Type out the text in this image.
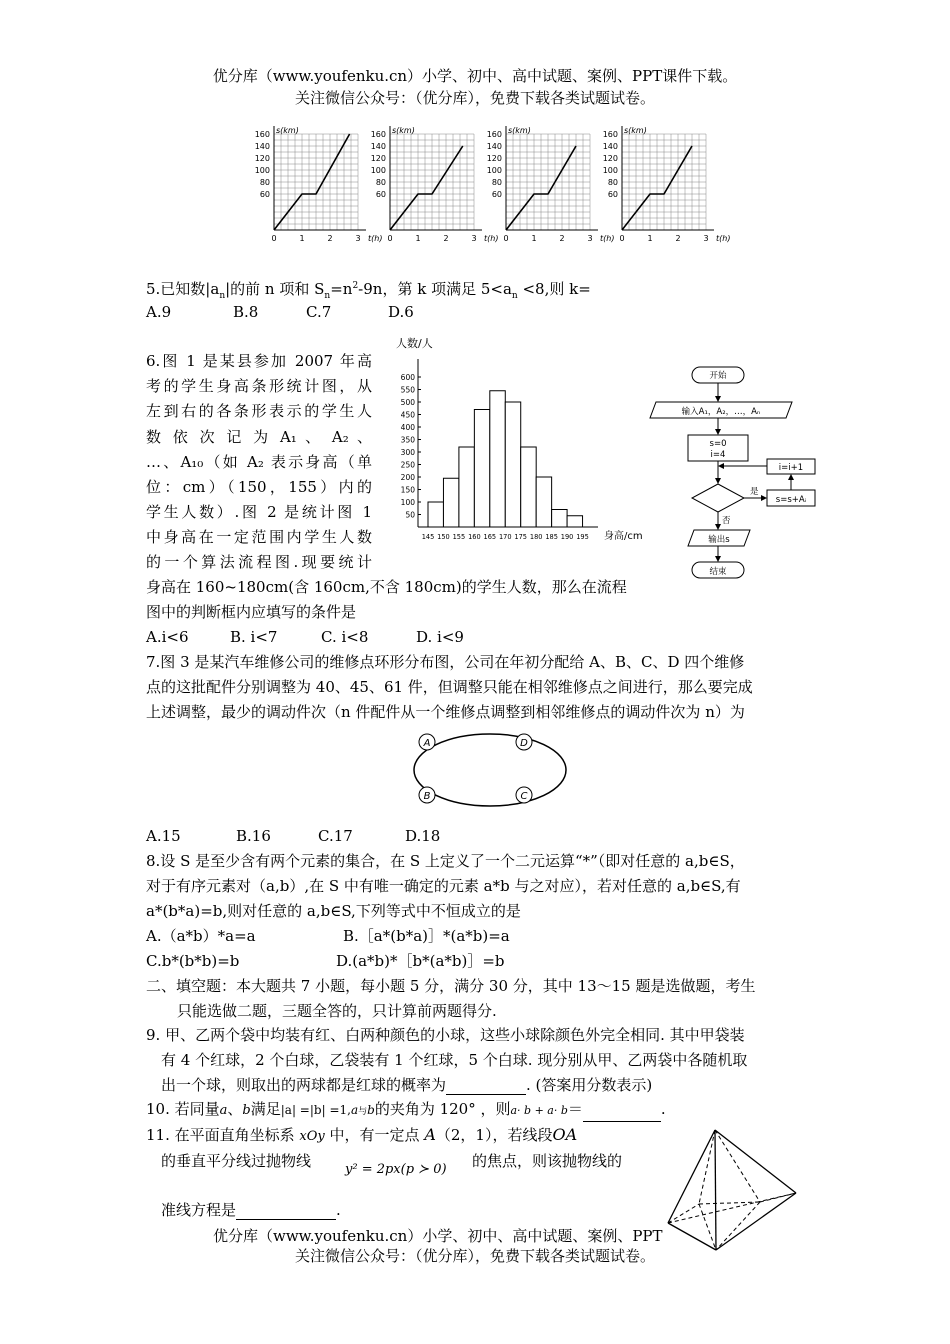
优分库（www.youfenku.cn）小学、初中、高中试题、案例、PPT课件下载。
关注微信公众号：（优分库），免费下载各类试题试卷。
s(km)
160
140
120
100
80
60
0	1	2	3 t(h)
s(km)
160
140
120
100
80
60
0	1	2	3 t(h)
s(km)
160
140
120
100
80
60
0	1	2	3 t(h)
s(km)
160
140
120
100
80
60
0	1	2	3 t(h)
5.已知数$|a_n|$的前 n 项和 $S_n=n^2-9n$，第 k 项满足 $5<a_n <8$,则 k=
A.9	B.8	C.7	D.6
6.图 1 是某县参加 2007 年高
考的学生身高条形统计图，从
左到右的各条形表示的学生人
数 依 次 记 为 A₁ 、 A₂ 、
…、A₁₀（如 A₂ 表示身高（单
位：cm）（150，155）内的
学生人数）.图 2 是统计图 1
中身高在一定范围内学生人数
的一个算法流程图.现要统计
身高在 160~180cm(含 160cm,不含 180cm)的学生人数，那么在流程
图中的判断框内应填写的条件是
A.i<6	B. i<7	C. i<8	D. i<9
人数/人
600
550
500
450
400
350
300
250
200
150
100
50
145 150 155 160 165 170 175 180 185 190 195 身高/cm
开始
输入A₁，A₂，…，Aₙ
s=0
i=4
i=i+1
是
s=s+Aᵢ
否
输出s
结束
7.图 3 是某汽车维修公司的维修点环形分布图，公司在年初分配给 A、B、C、D 四个维修
点的这批配件分别调整为 40、45、61 件，但调整只能在相邻维修点之间进行，那么要完成
上述调整，最少的调动件次（n 件配件从一个维修点调整到相邻维修点的调动件次为 n）为
A	D
B	C
A.15	B.16	C.17	D.18
8.设 S 是至少含有两个元素的集合，在 S 上定义了一个二元运算“*”（即对任意的 a,b∈S，
对于有序元素对（a,b）,在 S 中有唯一确定的元素 a*b 与之对应），若对任意的 a,b∈S,有
a*(b*a)=b,则对任意的 a,b∈S,下列等式中不恒成立的是
A.（a*b）*a=a	B.［a*(b*a)］*(a*b)=a
C.b*(b*b)=b	D.(a*b)*［b*(a*b)］=b
二、填空题：本大题共 7 小题，每小题 5 分，满分 30 分，其中 13～15 题是选做题，考生
只能选做二题，三题全答的，只计算前两题得分.
9. 甲、乙两个袋中均装有红、白两种颜色的小球，这些小球除颜色外完全相同. 其中甲袋装
有 4 个红球，2 个白球，乙袋装有 1 个红球，5 个白球. 现分别从甲、乙两袋中各随机取
出一个球，则取出的两球都是红球的概率为	. (答案用分数表示)
10. 若同量a、b满足|a| =|b| =1,a与b的夹角为 120° ，则a· b + a· b＝	.
11. 在平面直角坐标系 xOy 中，有一定点 A（2，1），若线段OA
的垂直平分线过抛物线	y² = 2px(p ≻ 0) 的焦点，则该抛物线的
准线方程是	.
优分库（www.youfenku.cn）小学、初中、高中试题、案例、PPT
关注微信公众号：（优分库），免费下载各类试题试卷。
